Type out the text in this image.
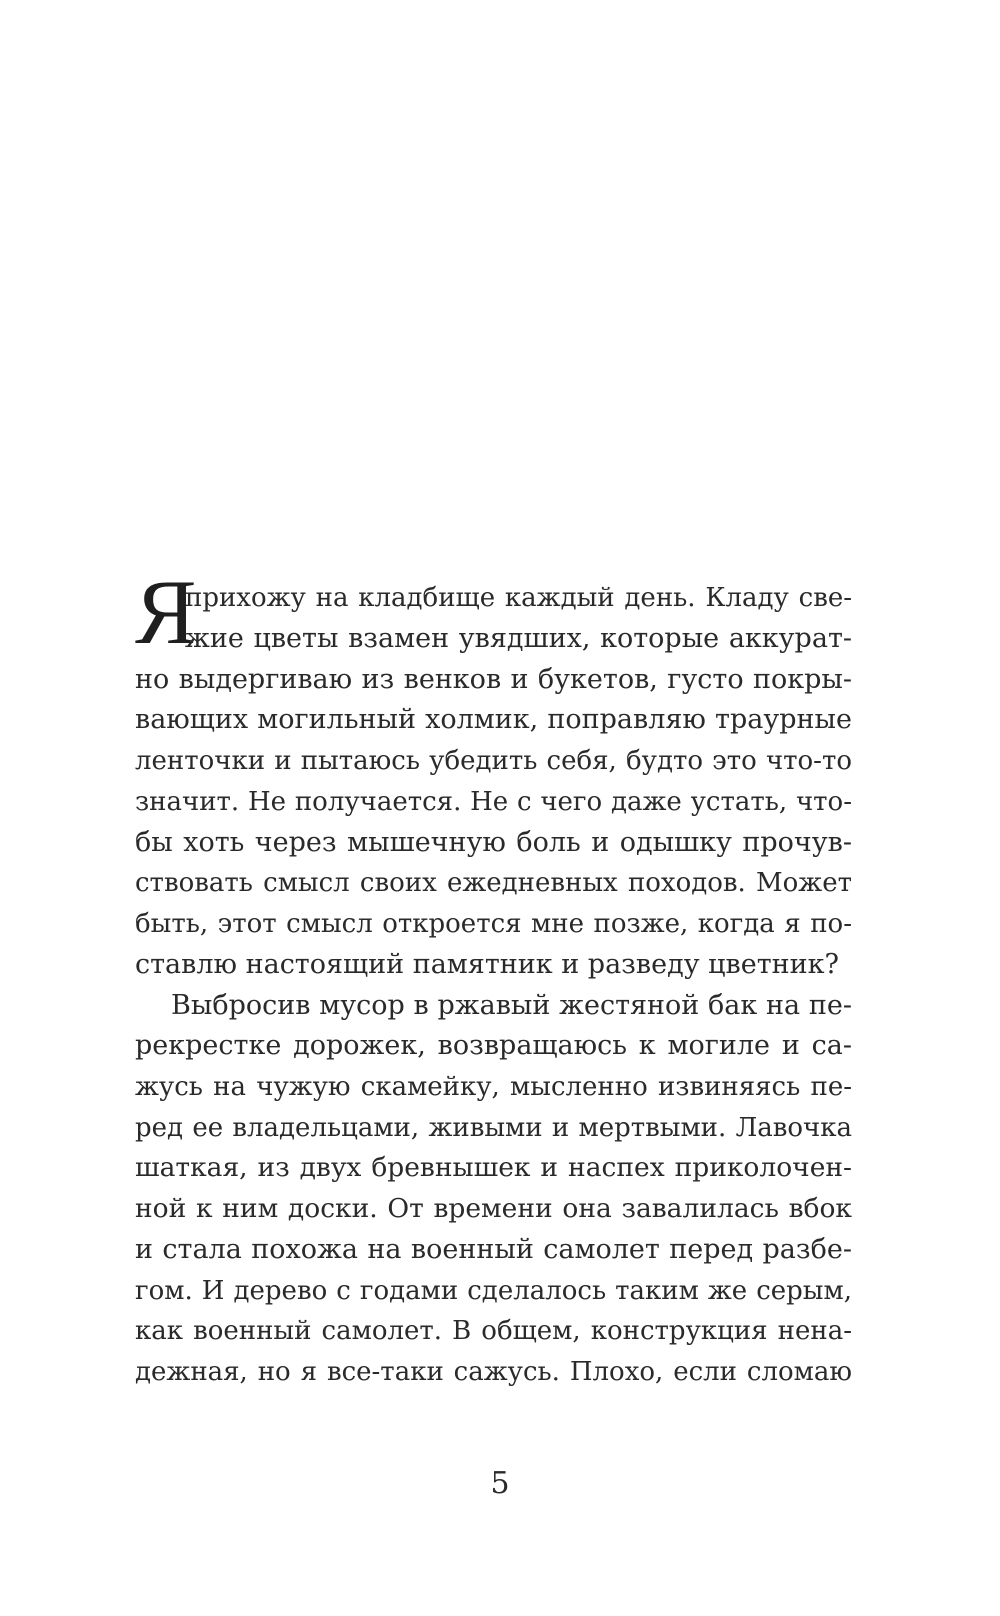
Я
прихожу на кладбище каждый день. Кладу све-
жие цветы взамен увядших, которые аккурат-
но выдергиваю из венков и букетов, густо покры-
вающих могильный холмик, поправляю траурные
ленточки и пытаюсь убедить себя, будто это что-то
значит. Не получается. Не с чего даже устать, что-
бы хоть через мышечную боль и одышку прочув-
ствовать смысл своих ежедневных походов. Может
быть, этот смысл откроется мне позже, когда я по-
ставлю настоящий памятник и разведу цветник?
Выбросив мусор в ржавый жестяной бак на пе-
рекрестке дорожек, возвращаюсь к могиле и са-
жусь на чужую скамейку, мысленно извиняясь пе-
ред ее владельцами, живыми и мертвыми. Лавочка
шаткая, из двух бревнышек и наспех приколочен-
ной к ним доски. От времени она завалилась вбок
и стала похожа на военный самолет перед разбе-
гом. И дерево с годами сделалось таким же серым,
как военный самолет. В общем, конструкция нена-
дежная, но я все-таки сажусь. Плохо, если сломаю
5
